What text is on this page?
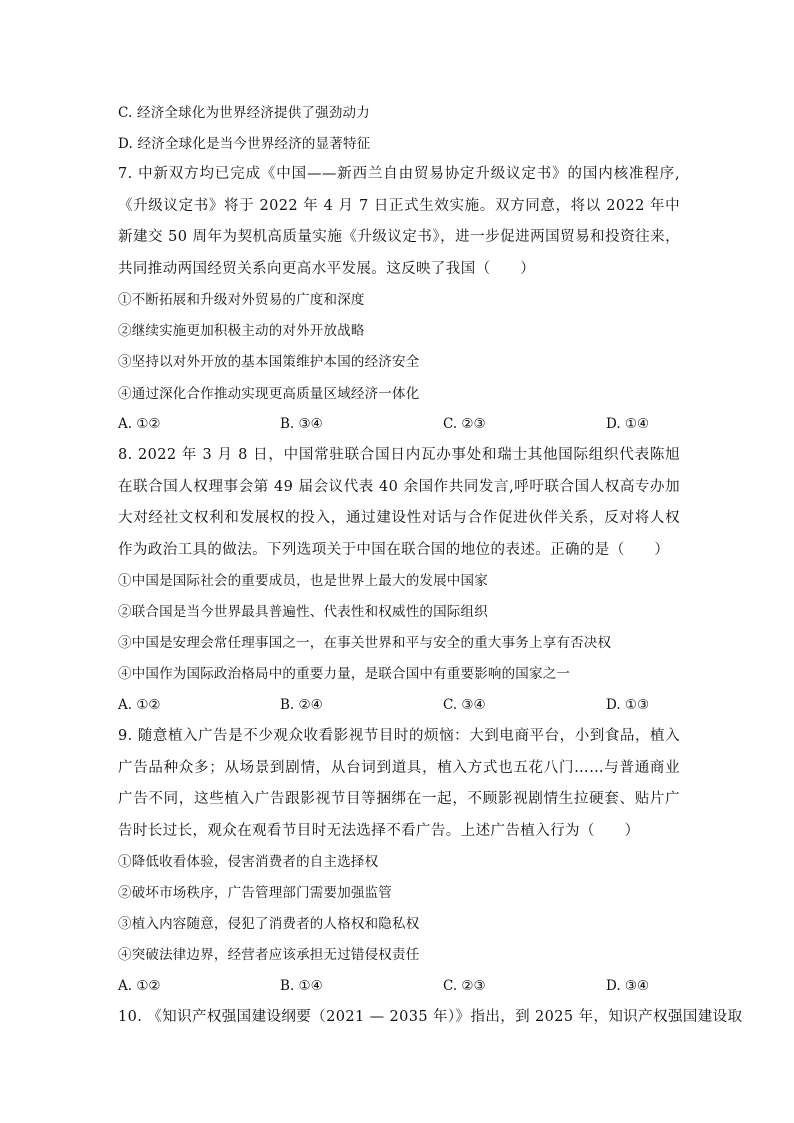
C. 经济全球化为世界经济提供了强劲动力
D. 经济全球化是当今世界经济的显著特征
7. 中新双方均已完成《中国——新西兰自由贸易协定升级议定书》的国内核准程序,《升级议定书》将于 2022 年 4 月 7 日正式生效实施。双方同意，将以 2022 年中新建交 50 周年为契机高质量实施《升级议定书》，进一步促进两国贸易和投资往来，共同推动两国经贸关系向更高水平发展。这反映了我国（　　）
①不断拓展和升级对外贸易的广度和深度
②继续实施更加积极主动的对外开放战略
③坚持以对外开放的基本国策维护本国的经济安全
④通过深化合作推动实现更高质量区域经济一体化
A. ①②	B. ③④	C. ②③	D. ①④
8. 2022 年 3 月 8 日，中国常驻联合国日内瓦办事处和瑞士其他国际组织代表陈旭在联合国人权理事会第 49 届会议代表 40 余国作共同发言,呼吁联合国人权高专办加大对经社文权利和发展权的投入，通过建设性对话与合作促进伙伴关系，反对将人权作为政治工具的做法。下列选项关于中国在联合国的地位的表述。正确的是（　　）
①中国是国际社会的重要成员，也是世界上最大的发展中国家
②联合国是当今世界最具普遍性、代表性和权威性的国际组织
③中国是安理会常任理事国之一，在事关世界和平与安全的重大事务上享有否决权
④中国作为国际政治格局中的重要力量，是联合国中有重要影响的国家之一
A. ①②	B. ②④	C. ③④	D. ①③
9. 随意植入广告是不少观众收看影视节目时的烦恼：大到电商平台，小到食品，植入广告品种众多；从场景到剧情，从台词到道具，植入方式也五花八门……与普通商业广告不同，这些植入广告跟影视节目等捆绑在一起，不顾影视剧情生拉硬套、贴片广告时长过长，观众在观看节目时无法选择不看广告。上述广告植入行为（　　）
①降低收看体验，侵害消费者的自主选择权
②破坏市场秩序，广告管理部门需要加强监管
③植入内容随意，侵犯了消费者的人格权和隐私权
④突破法律边界，经营者应该承担无过错侵权责任
A. ①②	B. ①④	C. ②③	D. ③④
10. 《知识产权强国建设纲要（2021 — 2035 年）》指出，到 2025 年，知识产权强国建设取
